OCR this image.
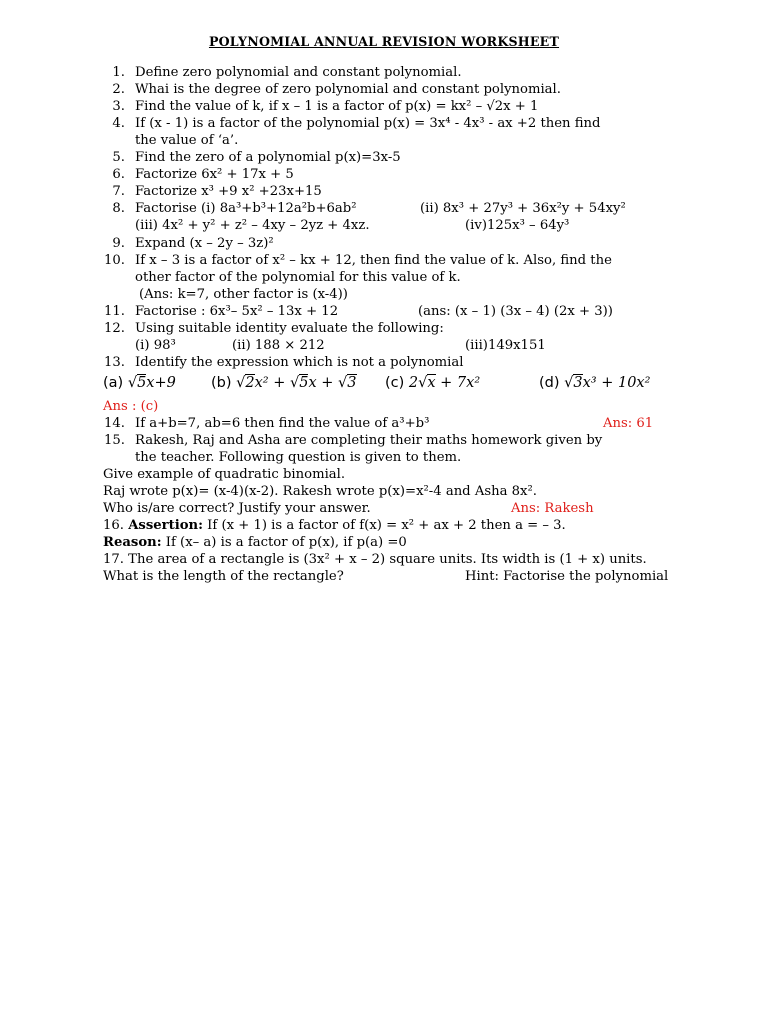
POLYNOMIAL ANNUAL REVISION WORKSHEET
1. Define zero polynomial and constant polynomial.
2. Whai is the degree of zero polynomial and constant polynomial.
3. Find the value of k, if x – 1 is a factor of p(x) = kx² – √2x + 1
4. If (x - 1) is a factor of the polynomial p(x) = 3x⁴ - 4x³ - ax +2 then find
the value of ‘a’.
5. Find the zero of a polynomial p(x)=3x-5
6. Factorize 6x² + 17x + 5
7. Factorize x³ +9 x² +23x+15
8. Factorise (i) 8a³+b³+12a²b+6ab²	(ii) 8x³ + 27y³ + 36x²y + 54xy²
(iii) 4x² + y² + z² – 4xy – 2yz + 4xz.	(iv)125x³ – 64y³
9. Expand (x – 2y – 3z)²
10. If x – 3 is a factor of x² – kx + 12, then find the value of k. Also, find the
other factor of the polynomial for this value of k.
(Ans: k=7, other factor is (x-4))
11. Factorise : 6x³– 5x² – 13x + 12	(ans: (x – 1) (3x – 4) (2x + 3))
12. Using suitable identity evaluate the following:
(i) 98³	(ii) 188 × 212	(iii)149x151
13. Identify the expression which is not a polynomial
(a) √5x+9 (b) √2x² + √5x + √3 (c) 2√x + 7x²	(d) √3x³ + 10x²
Ans : (c)
14. If a+b=7, ab=6 then find the value of a³+b³	Ans: 61
15. Rakesh, Raj and Asha are completing their maths homework given by
the teacher. Following question is given to them.
Give example of quadratic binomial.
Raj wrote p(x)= (x-4)(x-2). Rakesh wrote p(x)=x²-4 and Asha 8x².
Who is/are correct? Justify your answer.	Ans: Rakesh
16. Assertion: If (x + 1) is a factor of f(x) = x² + ax + 2 then a = – 3.
Reason: If (x– a) is a factor of p(x), if p(a) =0
17. The area of a rectangle is (3x² + x – 2) square units. Its width is (1 + x) units.
What is the length of the rectangle?	Hint: Factorise the polynomial
